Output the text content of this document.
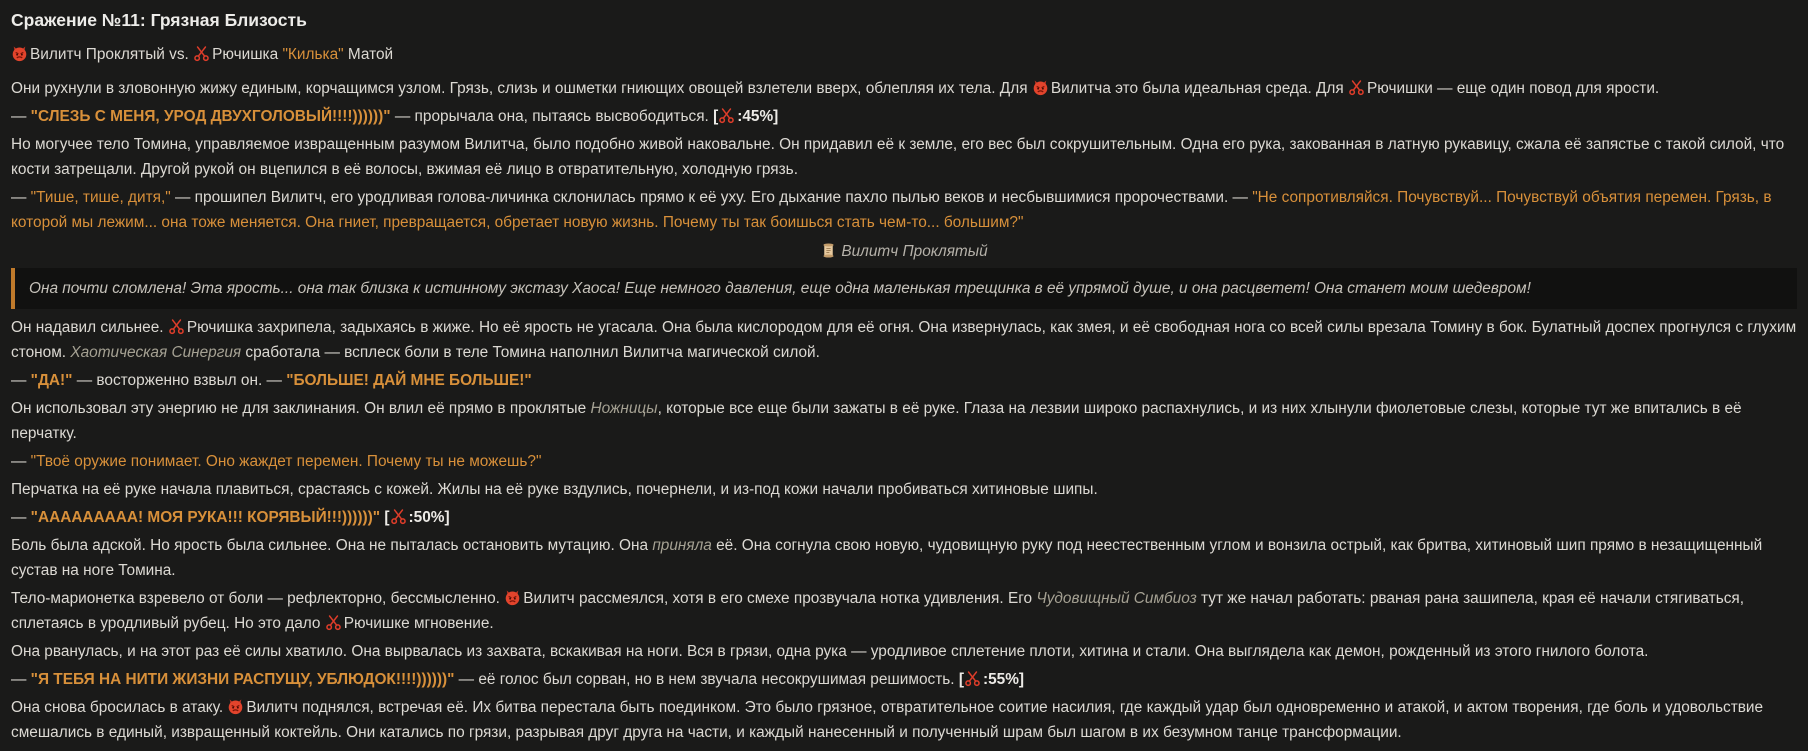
Сражение №11: Грязная Близость
Вилитч Проклятый vs.
Рючишка "Килька" Матой
Они рухнули в зловонную жижу единым, корчащимся узлом. Грязь, слизь и ошметки гниющих овощей взлетели вверх, облепляя их тела. Для
Вилитча это была идеальная среда. Для
Рючишки — еще один повод для ярости.
— "СЛЕЗЬ С МЕНЯ, УРОД ДВУХГОЛОВЫЙ!!!!))))))" — прорычала она, пытаясь высвободиться. [ :45%]
Но могучее тело Томина, управляемое извращенным разумом Вилитча, было подобно живой наковальне. Он придавил её к земле, его вес был сокрушительным. Одна его рука, закованная в латную рукавицу, сжала её запястье с такой силой, что кости затрещали. Другой рукой он вцепился в её волосы, вжимая её лицо в отвратительную, холодную грязь.
— "Тише, тише, дитя," — прошипел Вилитч, его уродливая голова-личинка склонилась прямо к её уху. Его дыхание пахло пылью веков и несбывшимися пророчествами. — "Не сопротивляйся. Почувствуй... Почувствуй объятия перемен. Грязь, в которой мы лежим... она тоже меняется. Она гниет, превращается, обретает новую жизнь. Почему ты так боишься стать чем-то... большим?"
Вилитч Проклятый
Она почти сломлена! Эта ярость... она так близка к истинному экстазу Хаоса! Еще немного давления, еще одна маленькая трещинка в её упрямой душе, и она расцветет! Она станет моим шедевром!
Он надавил сильнее.
Рючишка захрипела, задыхаясь в жиже. Но её ярость не угасала. Она была кислородом для её огня. Она извернулась, как змея, и её свободная нога со всей силы врезала Томину в бок. Булатный доспех прогнулся с глухим стоном. Хаотическая Синергия сработала — всплеск боли в теле Томина наполнил Вилитча магической силой.
— "ДА!" — восторженно взвыл он. — "БОЛЬШЕ! ДАЙ МНЕ БОЛЬШЕ!"
Он использовал эту энергию не для заклинания. Он влил её прямо в проклятые Ножницы, которые все еще были зажаты в её руке. Глаза на лезвии широко распахнулись, и из них хлынули фиолетовые слезы, которые тут же впитались в её перчатку.
— "Твоё оружие понимает. Оно жаждет перемен. Почему ты не можешь?"
Перчатка на её руке начала плавиться, срастаясь с кожей. Жилы на её руке вздулись, почернели, и из-под кожи начали пробиваться хитиновые шипы.
— "ААААААААА! МОЯ РУКА!!! КОРЯВЫЙ!!!))))))" [ :50%]
Боль была адской. Но ярость была сильнее. Она не пыталась остановить мутацию. Она приняла её. Она согнула свою новую, чудовищную руку под неестественным углом и вонзила острый, как бритва, хитиновый шип прямо в незащищенный сустав на ноге Томина.
Тело-марионетка взревело от боли — рефлекторно, бессмысленно.
Вилитч рассмеялся, хотя в его смехе прозвучала нотка удивления. Его Чудовищный Симбиоз тут же начал работать: рваная рана зашипела, края её начали стягиваться, сплетаясь в уродливый рубец. Но это дало
Рючишке мгновение.
Она рванулась, и на этот раз её силы хватило. Она вырвалась из захвата, вскакивая на ноги. Вся в грязи, одна рука — уродливое сплетение плоти, хитина и стали. Она выглядела как демон, рожденный из этого гнилого болота.
— "Я ТЕБЯ НА НИТИ ЖИЗНИ РАСПУЩУ, УБЛЮДОК!!!!))))))" — её голос был сорван, но в нем звучала несокрушимая решимость. [ :55%]
Она снова бросилась в атаку.
Вилитч поднялся, встречая её. Их битва перестала быть поединком. Это было грязное, отвратительное соитие насилия, где каждый удар был одновременно и атакой, и актом творения, где боль и удовольствие смешались в единый, извращенный коктейль. Они катались по грязи, разрывая друг друга на части, и каждый нанесенный и полученный шрам был шагом в их безумном танце трансформации.
